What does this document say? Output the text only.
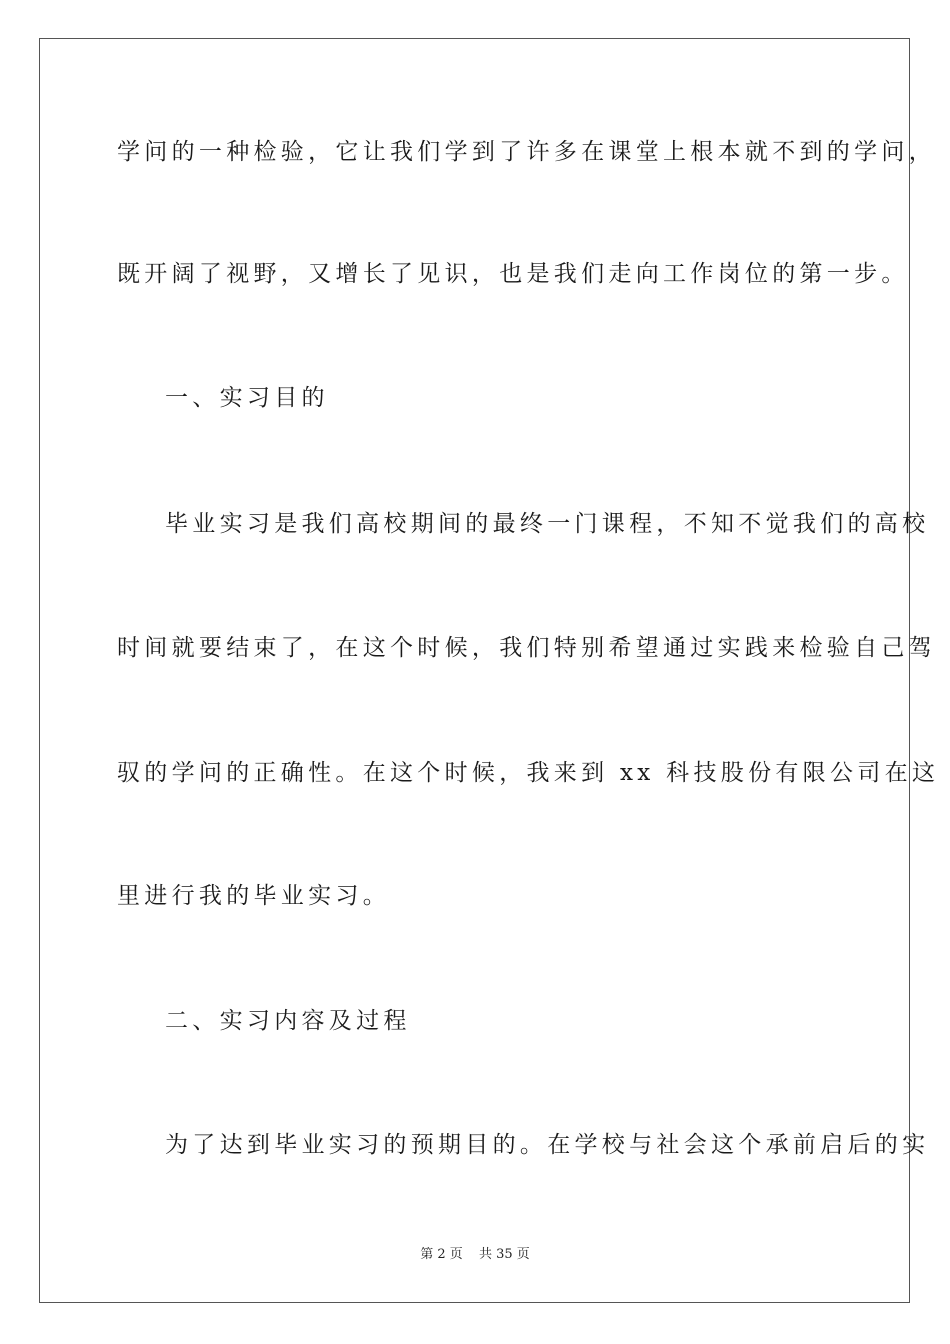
学问的一种检验，它让我们学到了许多在课堂上根本就不到的学问，
既开阔了视野，又增长了见识，也是我们走向工作岗位的第一步。
一、实习目的
毕业实习是我们高校期间的最终一门课程，不知不觉我们的高校
时间就要结束了，在这个时候，我们特别希望通过实践来检验自己驾
驭的学问的正确性。在这个时候，我来到 xx 科技股份有限公司在这
里进行我的毕业实习。
二、实习内容及过程
为了达到毕业实习的预期目的。在学校与社会这个承前启后的实
第 2 页 共 35 页
